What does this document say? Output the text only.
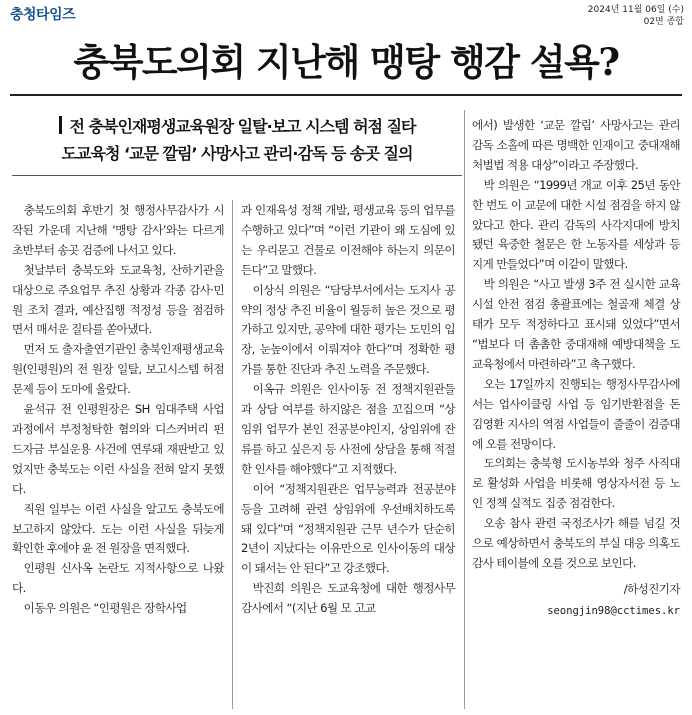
충청타임즈	2024년 11월 06일 (수)
02면 종합
충북도의회 지난해 맹탕 행감 설욕?
전 충북인재평생교육원장 일탈·보고 시스템 허점 질타
도교육청 ‘교문 깔림’ 사망사고 관리·감독 등 송곳 질의

충북도의회 후반기 첫 행정사무감사가 시작된 가운데 지난해 ‘맹탕 감사’와는 다르게 초반부터 송곳 검증에 나서고 있다.

첫날부터 충북도와 도교육청, 산하기관을 대상으로 주요업무 추진 상황과 각종 감사·민원 조치 결과, 예산집행 적정성 등을 점검하면서 매서운 질타를 쏟아냈다.

먼저 도 출자출연기관인 충북인재평생교육원(인평원)의 전 원장 일탈, 보고시스템 허점 문제 등이 도마에 올랐다.

윤석규 전 인평원장은 SH 임대주택 사업 과정에서 부정청탁한 혐의와 디스커버리 펀드자금 부실운용 사건에 연루돼 재판받고 있었지만 충북도는 이런 사실을 전혀 알지 못했다.

직원 일부는 이런 사실을 알고도 충북도에 보고하지 않았다. 도는 이런 사실을 뒤늦게 확인한 후에야 윤 전 원장을 면직했다.

인평원 신사옥 논란도 지적사항으로 나왔다.

이동우 의원은 “인평원은 장학사업

과 인재육성 정책 개발, 평생교육 등의 업무를 수행하고 있다”며 “이런 기관이 왜 도심에 있는 우리문고 건물로 이전해야 하는지 의문이 든다”고 말했다.

이상식 의원은 “담당부서에서는 도지사 공약의 정상 추진 비율이 월등히 높은 것으로 평가하고 있지만, 공약에 대한 평가는 도민의 입장, 눈높이에서 이뤄져야 한다”며 정확한 평가를 통한 진단과 추진 노력을 주문했다.

이옥규 의원은 인사이동 전 정책지원관들과 상담 여부를 하지않은 점을 꼬집으며 “상임위 업무가 본인 전공분야인지, 상임위에 잔류를 하고 싶은지 등 사전에 상담을 통해 적절한 인사를 해야했다”고 지적했다.

이어 “정책지원관은 업무능력과 전공분야 등을 고려해 관련 상임위에 우선배치하도록 돼 있다”며 “정책지원관 근무 년수가 단순히 2년이 지났다는 이유만으로 인사이동의 대상이 돼서는 안 된다”고 강조했다.

박진희 의원은 도교육청에 대한 행정사무감사에서 “(지난 6월 모 고교

에서) 발생한 ‘교문 깔림’ 사망사고는 관리 감독 소홀에 따른 명백한 인재이고 중대재해처벌법 적용 대상”이라고 주장했다.

박 의원은 “1999년 개교 이후 25년 동안 한 번도 이 교문에 대한 시설 점검을 하지 않았다고 한다. 관리 감독의 사각지대에 방치됐던 육중한 철문은 한 노동자를 세상과 등지게 만들었다”며 이같이 말했다.

박 의원은 “사고 발생 3주 전 실시한 교육시설 안전 점검 총괄표에는 철골재 체결 상태가 모두 적정하다고 표시돼 있었다”면서 “법보다 더 촘촘한 중대재해 예방대책을 도교육청에서 마련하라”고 촉구했다.

오는 17일까지 진행되는 행정사무감사에서는 업사이클링 사업 등 임기반환점을 돈 김영환 지사의 역점 사업들이 줄줄이 검증대에 오를 전망이다.

도의회는 충북형 도시농부와 청주 사직대로 활성화 사업을 비롯해 영상자서전 등 노인 정책 실적도 집중 점검한다.

오송 참사 관련 국정조사가 해를 넘길 것으로 예상하면서 충북도의 부실 대응 의혹도 감사 테이블에 오를 것으로 보인다.

/하성진기자
seongjin98@cctimes.kr
